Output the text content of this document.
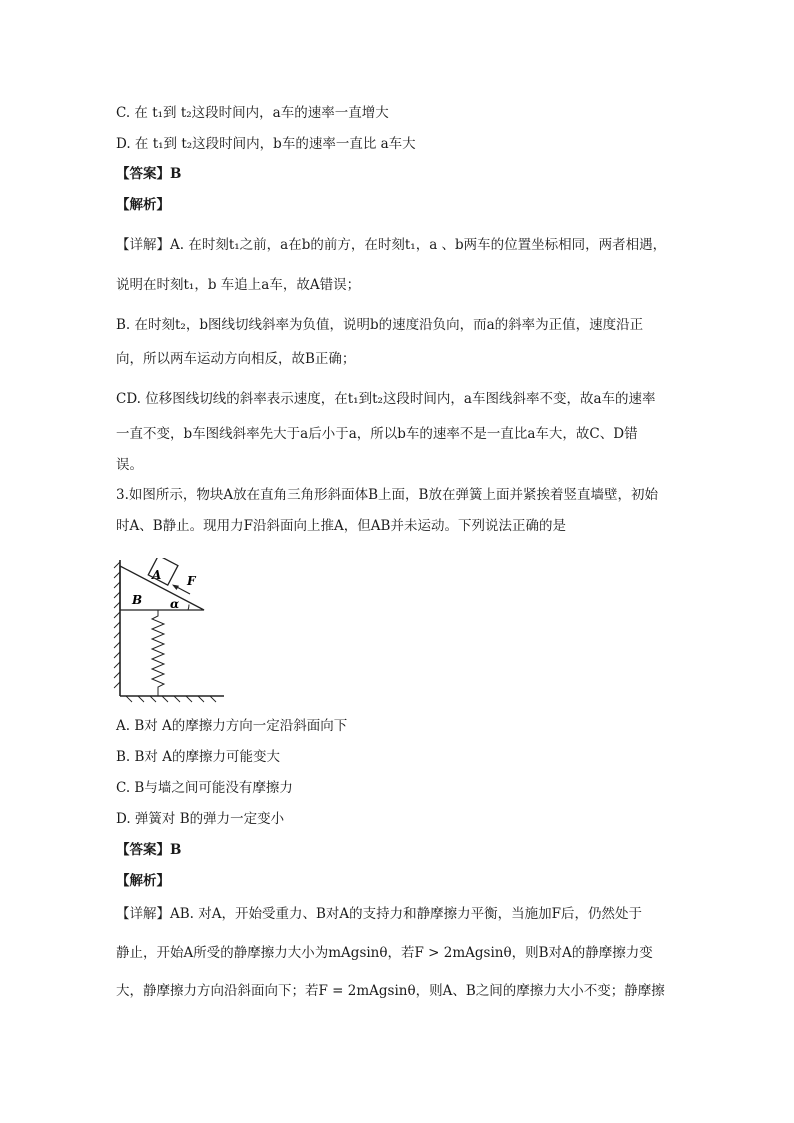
C. 在 t₁到 t₂这段时间内，a车的速率一直增大
D. 在 t₁到 t₂这段时间内，b车的速率一直比 a车大
【答案】B
【解析】
【详解】A. 在时刻t₁之前，a在b的前方，在时刻t₁，a 、b两车的位置坐标相同，两者相遇，
说明在时刻t₁，b 车追上a车，故A错误；
B. 在时刻t₂，b图线切线斜率为负值，说明b的速度沿负向，而a的斜率为正值，速度沿正
向，所以两车运动方向相反，故B正确；
CD. 位移图线切线的斜率表示速度，在t₁到t₂这段时间内，a车图线斜率不变，故a车的速率
一直不变，b车图线斜率先大于a后小于a，所以b车的速率不是一直比a车大，故C、D错
误。
3.如图所示，物块A放在直角三角形斜面体B上面，B放在弹簧上面并紧挨着竖直墙壁，初始
时A、B静止。现用力F沿斜面向上推A，但AB并未运动。下列说法正确的是
A F
B α
A. B对 A的摩擦力方向一定沿斜面向下
B. B对 A的摩擦力可能变大
C. B与墙之间可能没有摩擦力
D. 弹簧对 B的弹力一定变小
【答案】B
【解析】
【详解】AB. 对A，开始受重力、B对A的支持力和静摩擦力平衡，当施加F后，仍然处于
静止，开始A所受的静摩擦力大小为mAgsinθ，若F > 2mAgsinθ，则B对A的静摩擦力变
大，静摩擦力方向沿斜面向下；若F = 2mAgsinθ，则A、B之间的摩擦力大小不变；静摩擦
